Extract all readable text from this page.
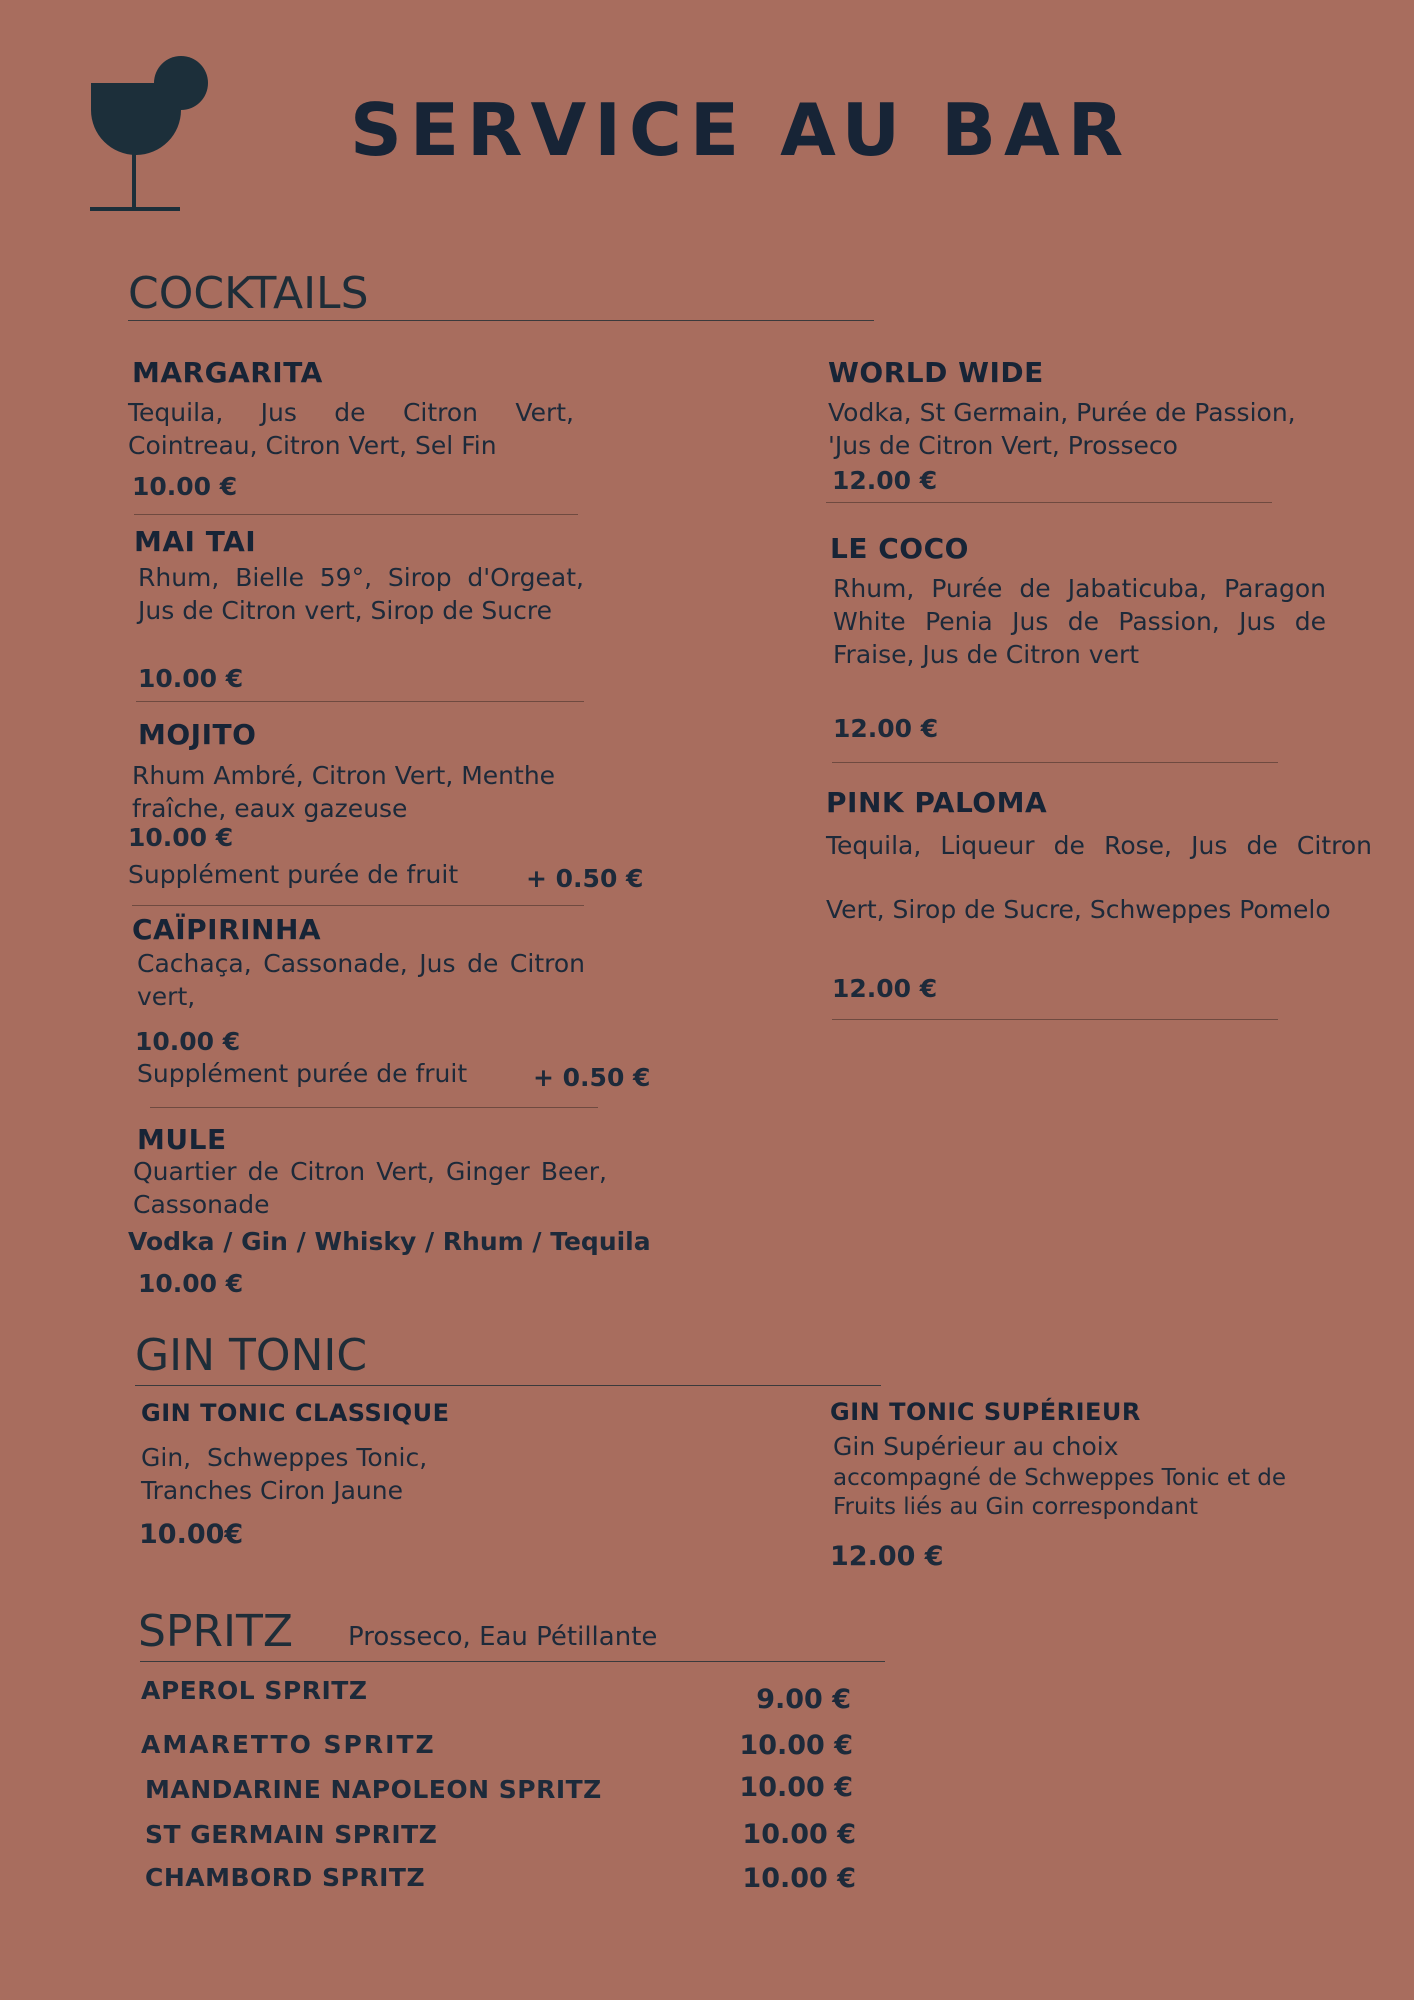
SERVICE AU BAR
COCKTAILS
MARGARITA
Tequila, Jus de Citron Vert, Cointreau, Citron Vert, Sel Fin
10.00 €
MAI TAI
Rhum, Bielle 59°, Sirop d'Orgeat, Jus de Citron vert, Sirop de Sucre
10.00 €
MOJITO
Rhum Ambré, Citron Vert, Menthe fraîche, eaux gazeuse
10.00 €
Supplément purée de fruit	+ 0.50 €
CAÏPIRINHA
Cachaça, Cassonade, Jus de Citron vert,
10.00 €
Supplément purée de fruit	+ 0.50 €
MULE
Quartier de Citron Vert, Ginger Beer, Cassonade
Vodka / Gin / Whisky / Rhum / Tequila
10.00 €
WORLD WIDE
Vodka, St Germain, Purée de Passion,
'Jus de Citron Vert, Prosseco
12.00 €
LE COCO
Rhum, Purée de Jabaticuba, Paragon White Penia Jus de Passion, Jus de Fraise, Jus de Citron vert
12.00 €
PINK PALOMA
Tequila, Liqueur de Rose, Jus de Citron
Vert, Sirop de Sucre, Schweppes Pomelo
12.00 €
GIN TONIC
GIN TONIC CLASSIQUE
Gin,  Schweppes Tonic,
Tranches Ciron Jaune
10.00€
GIN TONIC SUPÉRIEUR
Gin Supérieur au choix
accompagné de Schweppes Tonic et de
Fruits liés au Gin correspondant
12.00 €
SPRITZ Prosseco, Eau Pétillante
APEROL SPRITZ	9.00 €
AMARETTO SPRITZ	10.00 €
MANDARINE NAPOLEON SPRITZ	10.00 €
ST GERMAIN SPRITZ	10.00 €
CHAMBORD SPRITZ	10.00 €
